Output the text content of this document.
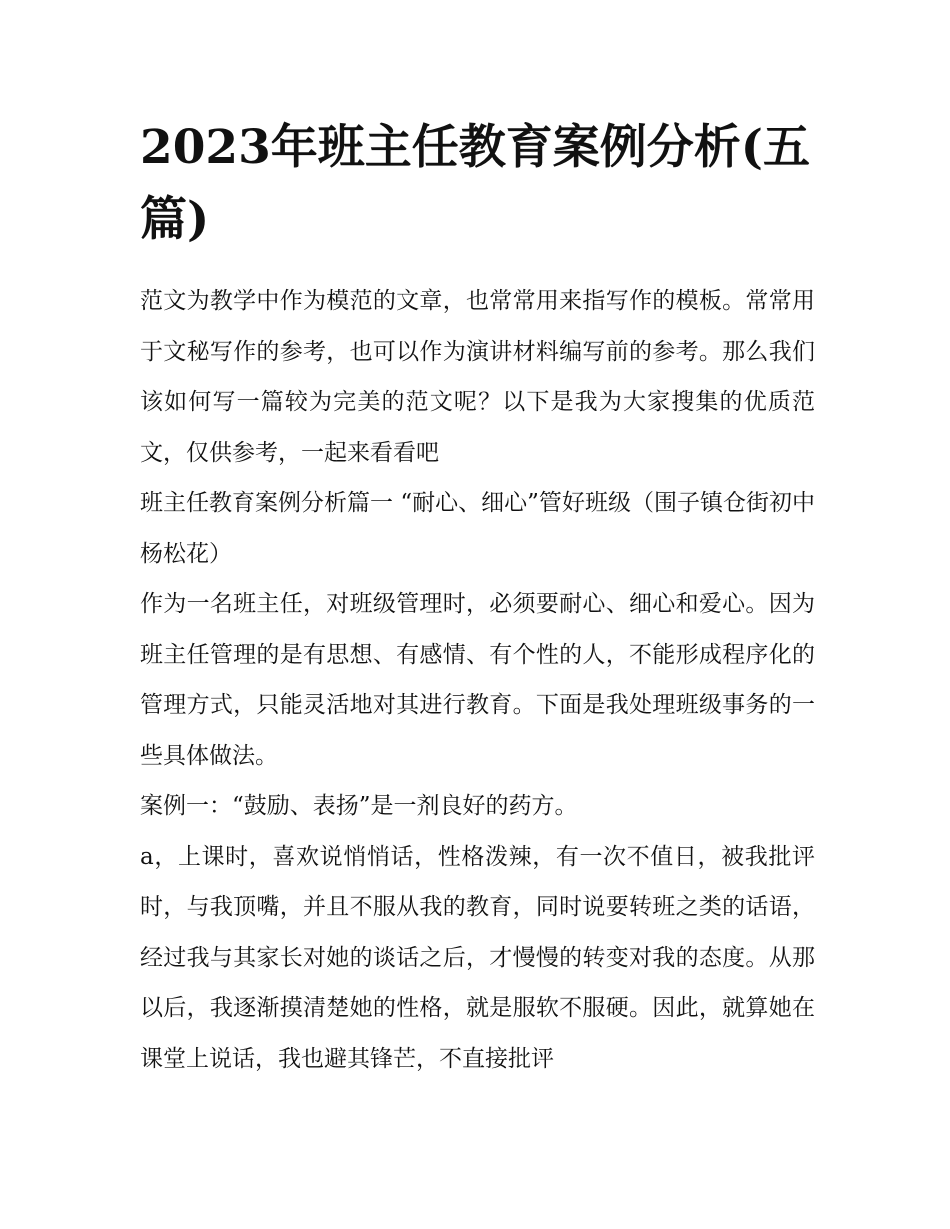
2023年班主任教育案例分析(五篇)

范文为教学中作为模范的文章，也常常用来指写作的模板。常常用于文秘写作的参考，也可以作为演讲材料编写前的参考。那么我们该如何写一篇较为完美的范文呢？以下是我为大家搜集的优质范文，仅供参考，一起来看看吧

班主任教育案例分析篇一 “耐心、细心”管好班级（围子镇仓街初中杨松花）

作为一名班主任，对班级管理时，必须要耐心、细心和爱心。因为班主任管理的是有思想、有感情、有个性的人，不能形成程序化的管理方式，只能灵活地对其进行教育。下面是我处理班级事务的一些具体做法。

案例一：“鼓励、表扬”是一剂良好的药方。

a，上课时，喜欢说悄悄话，性格泼辣，有一次不值日，被我批评时，与我顶嘴，并且不服从我的教育，同时说要转班之类的话语，经过我与其家长对她的谈话之后，才慢慢的转变对我的态度。从那以后，我逐渐摸清楚她的性格，就是服软不服硬。因此，就算她在课堂上说话，我也避其锋芒，不直接批评
